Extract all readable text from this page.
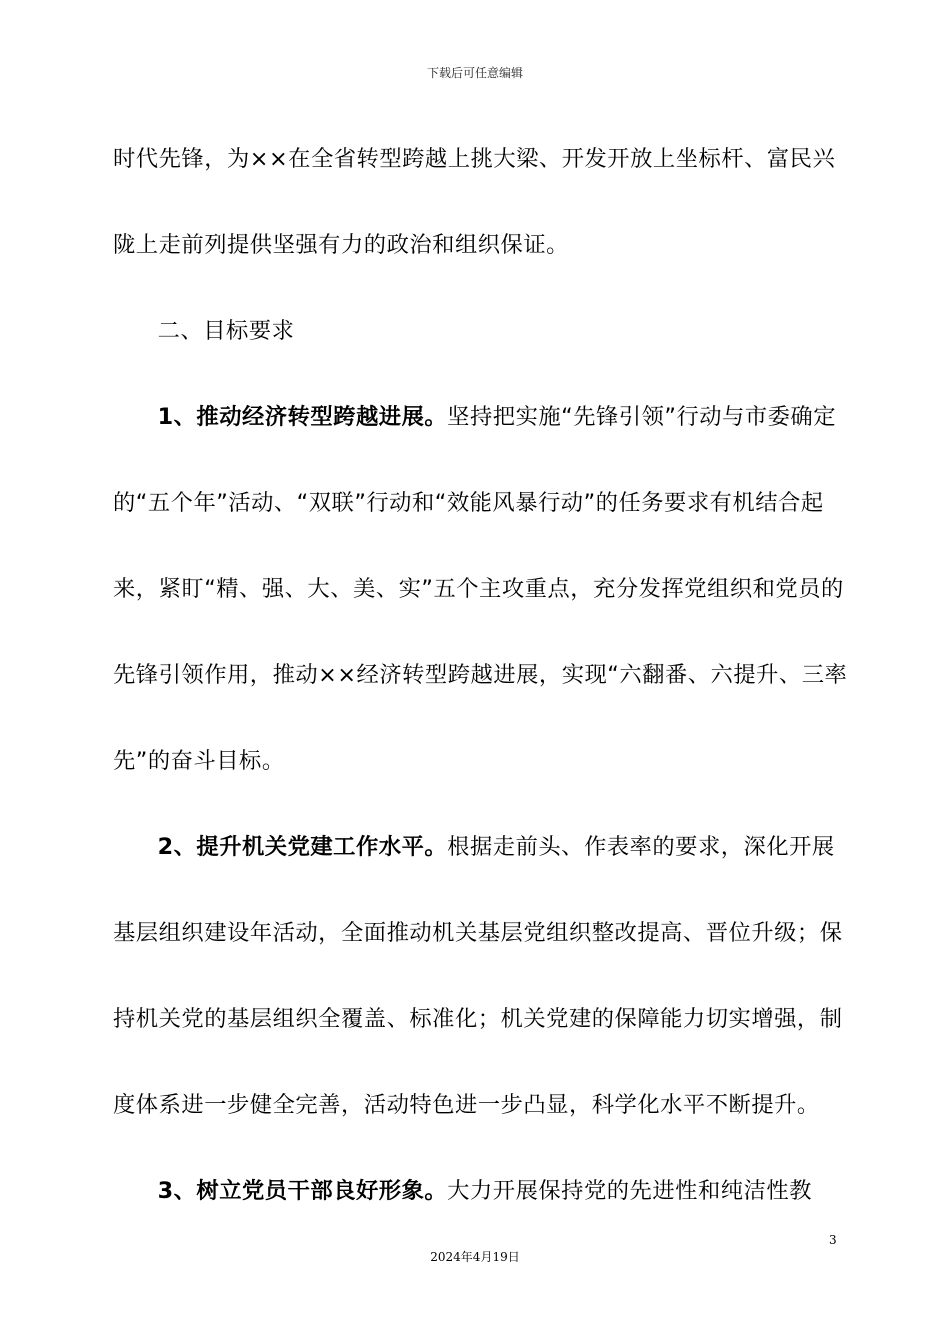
下载后可任意编辑

时代先锋，为××在全省转型跨越上挑大梁、开发开放上坐标杆、富民兴陇上走前列提供坚强有力的政治和组织保证。

二、目标要求

1、推动经济转型跨越进展。坚持把实施“先锋引领”行动与市委确定的“五个年”活动、“双联”行动和“效能风暴行动”的任务要求有机结合起来，紧盯“精、强、大、美、实”五个主攻重点，充分发挥党组织和党员的先锋引领作用，推动××经济转型跨越进展，实现“六翻番、六提升、三率先”的奋斗目标。

2、提升机关党建工作水平。根据走前头、作表率的要求，深化开展基层组织建设年活动，全面推动机关基层党组织整改提高、晋位升级；保持机关党的基层组织全覆盖、标准化；机关党建的保障能力切实增强，制度体系进一步健全完善，活动特色进一步凸显，科学化水平不断提升。

3、树立党员干部良好形象。大力开展保持党的先进性和纯洁性教

3
2024年4月19日
